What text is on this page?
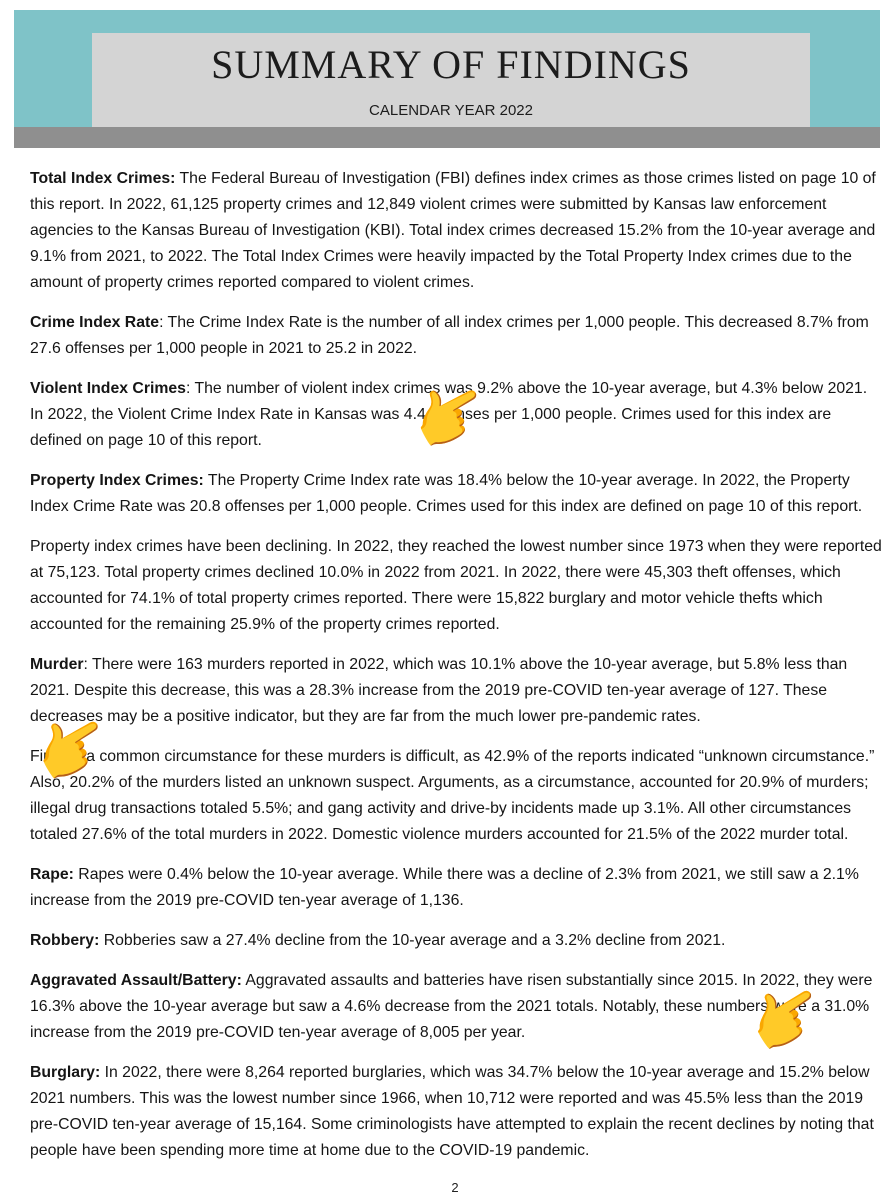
SUMMARY OF FINDINGS
CALENDAR YEAR 2022

Total Index Crimes: The Federal Bureau of Investigation (FBI) defines index crimes as those crimes listed on page 10 of this report. In 2022, 61,125 property crimes and 12,849 violent crimes were submitted by Kansas law enforcement agencies to the Kansas Bureau of Investigation (KBI). Total index crimes decreased 15.2% from the 10-year average and 9.1% from 2021, to 2022. The Total Index Crimes were heavily impacted by the Total Property Index crimes due to the amount of property crimes reported compared to violent crimes.

Crime Index Rate: The Crime Index Rate is the number of all index crimes per 1,000 people. This decreased 8.7% from 27.6 offenses per 1,000 people in 2021 to 25.2 in 2022.

Violent Index Crimes: The number of violent index crimes was 9.2% above the 10-year average, but 4.3% below 2021. In 2022, the Violent Crime Index Rate in Kansas was 4.4 offenses per 1,000 people. Crimes used for this index are defined on page 10 of this report.

Property Index Crimes: The Property Crime Index rate was 18.4% below the 10-year average. In 2022, the Property Index Crime Rate was 20.8 offenses per 1,000 people. Crimes used for this index are defined on page 10 of this report.

Property index crimes have been declining. In 2022, they reached the lowest number since 1973 when they were reported at 75,123. Total property crimes declined 10.0% in 2022 from 2021. In 2022, there were 45,303 theft offenses, which accounted for 74.1% of total property crimes reported. There were 15,822 burglary and motor vehicle thefts which accounted for the remaining 25.9% of the property crimes reported.

Murder: There were 163 murders reported in 2022, which was 10.1% above the 10-year average, but 5.8% less than 2021. Despite this decrease, this was a 28.3% increase from the 2019 pre-COVID ten-year average of 127. These decreases may be a positive indicator, but they are far from the much lower pre-pandemic rates.

Finding a common circumstance for these murders is difficult, as 42.9% of the reports indicated “unknown circumstance.” Also, 20.2% of the murders listed an unknown suspect. Arguments, as a circumstance, accounted for 20.9% of murders; illegal drug transactions totaled 5.5%; and gang activity and drive-by incidents made up 3.1%. All other circumstances totaled 27.6% of the total murders in 2022. Domestic violence murders accounted for 21.5% of the 2022 murder total.

Rape: Rapes were 0.4% below the 10-year average. While there was a decline of 2.3% from 2021, we still saw a 2.1% increase from the 2019 pre-COVID ten-year average of 1,136.

Robbery: Robberies saw a 27.4% decline from the 10-year average and a 3.2% decline from 2021.

Aggravated Assault/Battery: Aggravated assaults and batteries have risen substantially since 2015. In 2022, they were 16.3% above the 10-year average but saw a 4.6% decrease from the 2021 totals. Notably, these numbers were a 31.0% increase from the 2019 pre-COVID ten-year average of 8,005 per year.

Burglary: In 2022, there were 8,264 reported burglaries, which was 34.7% below the 10-year average and 15.2% below 2021 numbers. This was the lowest number since 1966, when 10,712 were reported and was 45.5% less than the 2019 pre-COVID ten-year average of 15,164. Some criminologists have attempted to explain the recent declines by noting that people have been spending more time at home due to the COVID-19 pandemic.

2
👉
👉
👉
